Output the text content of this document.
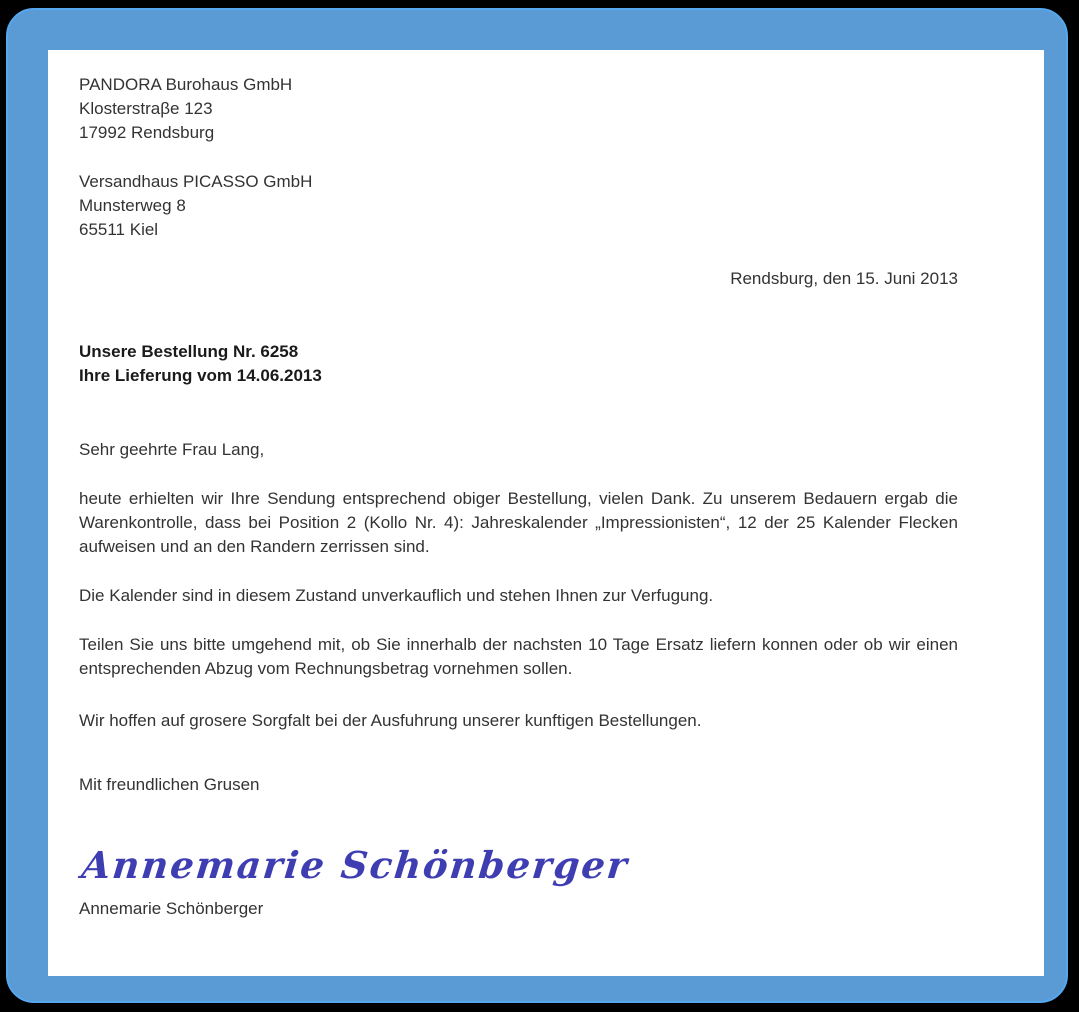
PANDORA Burohaus GmbH
Klosterstraβe 123
17992 Rendsburg
Versandhaus PICASSO GmbH
Munsterweg 8
65511 Kiel
Rendsburg, den 15. Juni 2013
Unsere Bestellung Nr. 6258
Ihre Lieferung vom 14.06.2013
Sehr geehrte Frau Lang,
heute erhielten wir Ihre Sendung entsprechend obiger Bestellung, vielen Dank. Zu unserem Bedauern ergab die Warenkontrolle, dass bei Position 2 (Kollo Nr. 4): Jahreskalender „Impressionisten“, 12 der 25 Kalender Flecken aufweisen und an den Randern zerrissen sind.
Die Kalender sind in diesem Zustand unverkauflich und stehen Ihnen zur Verfugung.
Teilen Sie uns bitte umgehend mit, ob Sie innerhalb der nachsten 10 Tage Ersatz liefern konnen oder ob wir einen entsprechenden Abzug vom Rechnungsbetrag vornehmen sollen.
Wir hoffen auf grosere Sorgfalt bei der Ausfuhrung unserer kunftigen Bestellungen.
Mit freundlichen Grusen
Annemarie Schönberger
Annemarie Schönberger
